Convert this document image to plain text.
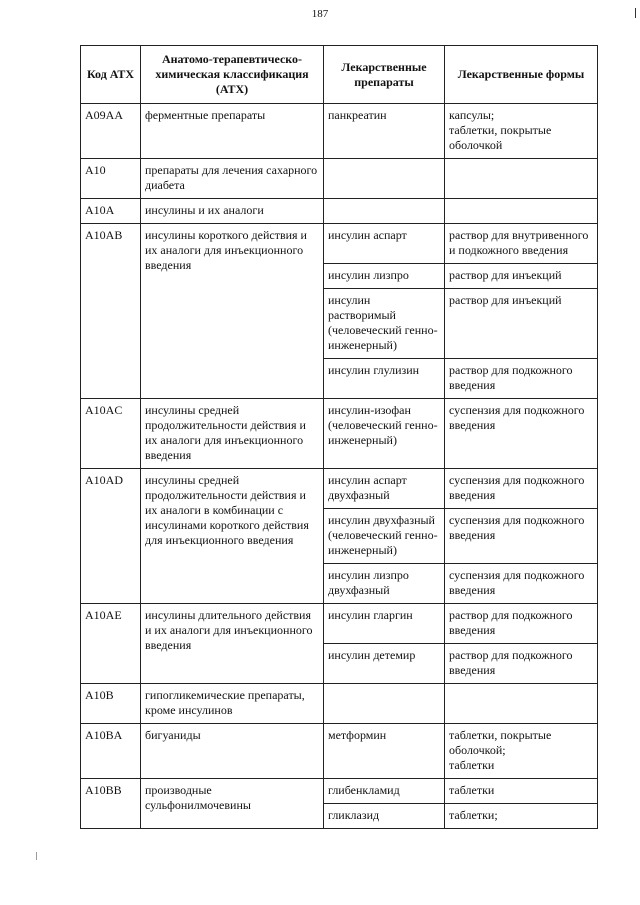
187
Код АТХ	Анатомо-терапевтическо-химическая классификация (АТХ)	Лекарственные препараты	Лекарственные формы
A09AA	ферментные препараты	панкреатин	капсулы;
таблетки, покрытые оболочкой
A10	препараты для лечения сахарного диабета		
A10A	инсулины и их аналоги		
A10AB	инсулины короткого действия и их аналоги для инъекционного введения	инсулин аспарт	раствор для внутривенного и подкожного введения
		инсулин лизпро	раствор для инъекций
		инсулин растворимый (человеческий генно-инженерный)	раствор для инъекций
		инсулин глулизин	раствор для подкожного введения
A10AC	инсулины средней продолжительности действия и их аналоги для инъекционного введения	инсулин-изофан (человеческий генно-инженерный)	суспензия для подкожного введения
A10AD	инсулины средней продолжительности действия и их аналоги в комбинации с инсулинами короткого действия для инъекционного введения	инсулин аспарт двухфазный	суспензия для подкожного введения
		инсулин двухфазный (человеческий генно-инженерный)	суспензия для подкожного введения
		инсулин лизпро двухфазный	суспензия для подкожного введения
A10AE	инсулины длительного действия и их аналоги для инъекционного введения	инсулин гларгин	раствор для подкожного введения
		инсулин детемир	раствор для подкожного введения
A10B	гипогликемические препараты, кроме инсулинов		
A10BA	бигуаниды	метформин	таблетки, покрытые оболочкой;
таблетки
A10BB	производные сульфонилмочевины	глибенкламид	таблетки
		гликлазид	таблетки;
